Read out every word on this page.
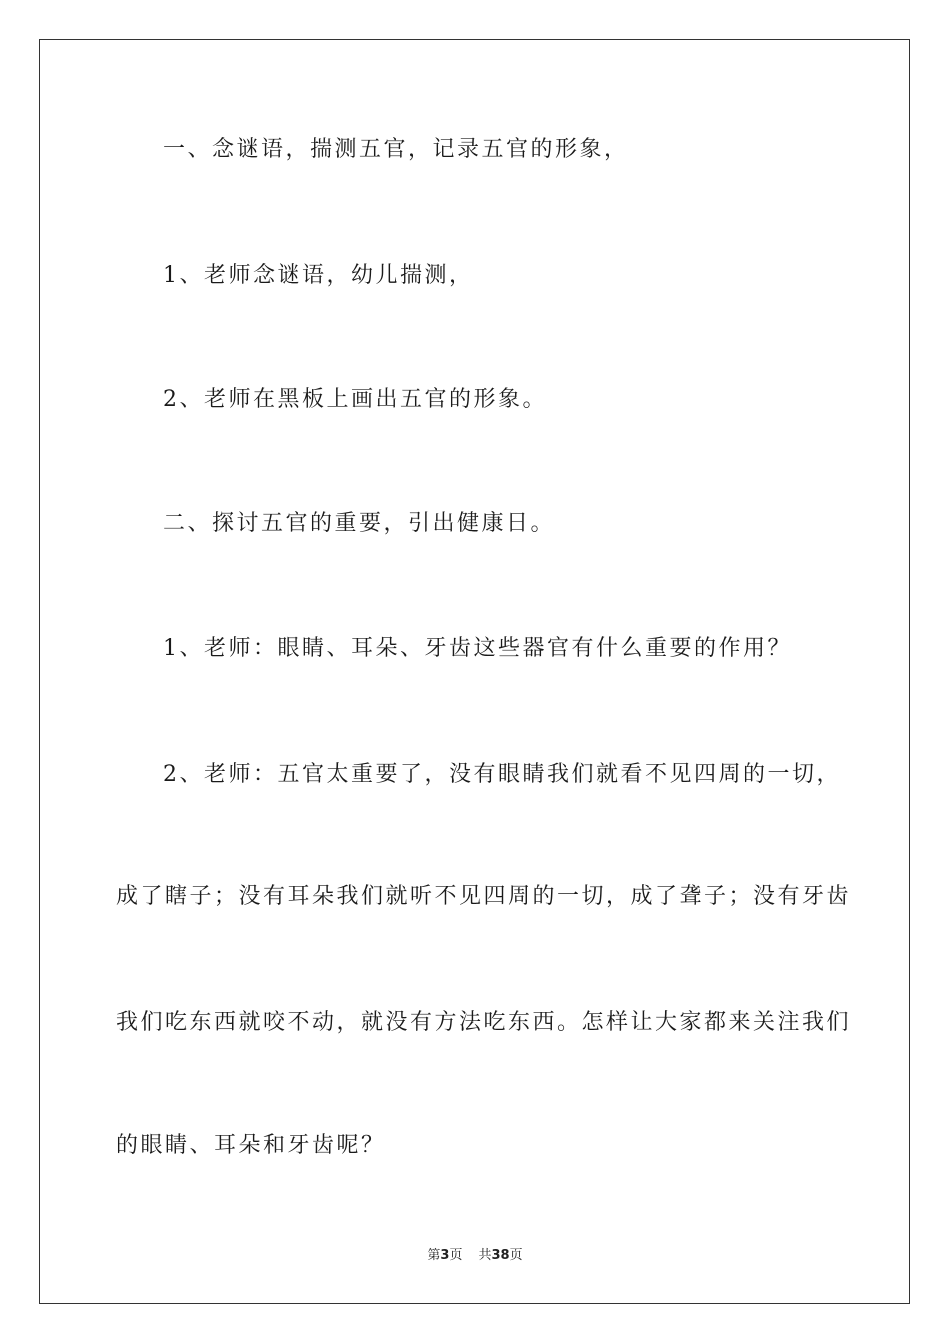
一、念谜语，揣测五官，记录五官的形象，
1、老师念谜语，幼儿揣测，
2、老师在黑板上画出五官的形象。
二、探讨五官的重要，引出健康日。
1、老师：眼睛、耳朵、牙齿这些器官有什么重要的作用？
2、老师：五官太重要了，没有眼睛我们就看不见四周的一切，
成了瞎子；没有耳朵我们就听不见四周的一切，成了聋子；没有牙齿
我们吃东西就咬不动，就没有方法吃东西。怎样让大家都来关注我们
的眼睛、耳朵和牙齿呢？
第3页 共38页
